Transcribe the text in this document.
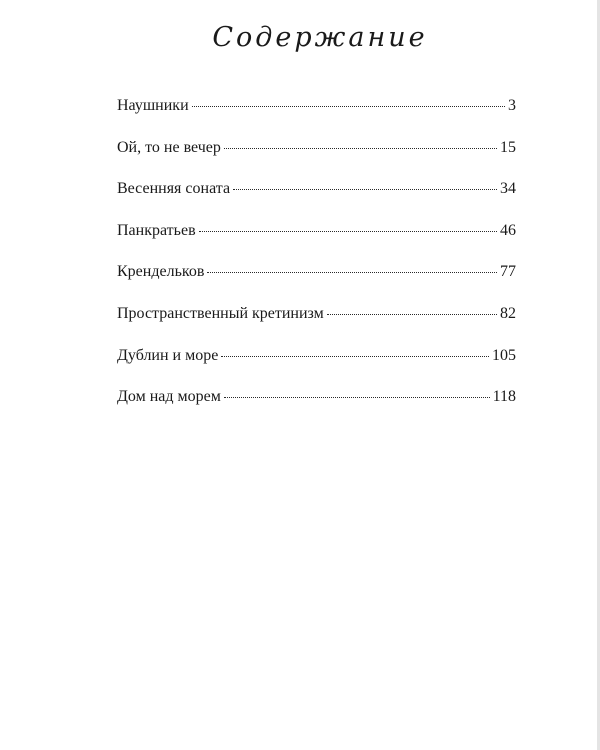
Содержание
Наушники	3
Ой, то не вечер	15
Весенняя соната	34
Панкратьев	46
Крендельков	77
Пространственный кретинизм	82
Дублин и море	105
Дом над морем	118
